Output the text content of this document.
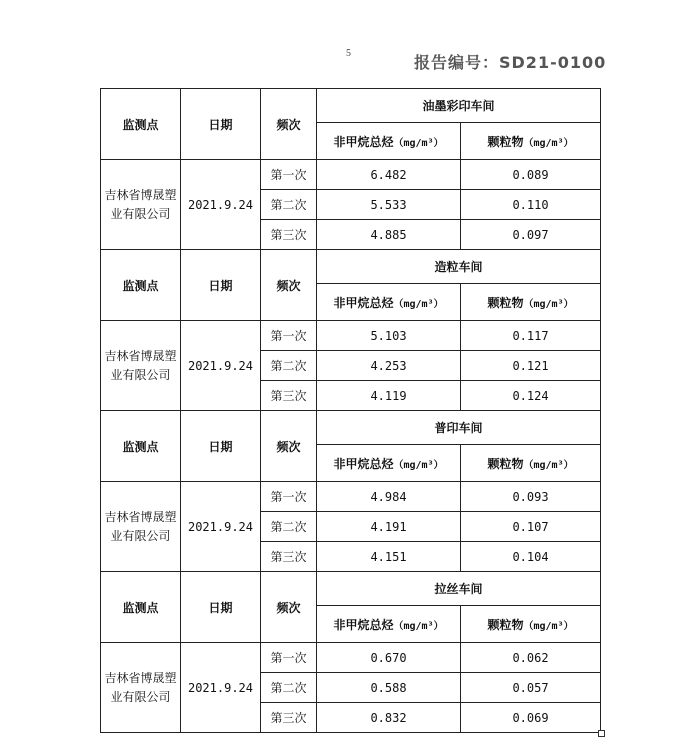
5	报告编号：SD21-0100
监测点	日期	频次	油墨彩印车间	
			非甲烷总烃（mg/m³）	颗粒物（mg/m³）
吉林省博晟塑业有限公司	2021.9.24	第一次	6.482	0.089
		第二次	5.533	0.110
		第三次	4.885	0.097
监测点	日期	频次	造粒车间	
			非甲烷总烃（mg/m³）	颗粒物（mg/m³）
吉林省博晟塑业有限公司	2021.9.24	第一次	5.103	0.117
		第二次	4.253	0.121
		第三次	4.119	0.124
监测点	日期	频次	普印车间	
			非甲烷总烃（mg/m³）	颗粒物（mg/m³）
吉林省博晟塑业有限公司	2021.9.24	第一次	4.984	0.093
		第二次	4.191	0.107
		第三次	4.151	0.104
监测点	日期	频次	拉丝车间	
			非甲烷总烃（mg/m³）	颗粒物（mg/m³）
吉林省博晟塑业有限公司	2021.9.24	第一次	0.670	0.062
		第二次	0.588	0.057
		第三次	0.832	0.069
